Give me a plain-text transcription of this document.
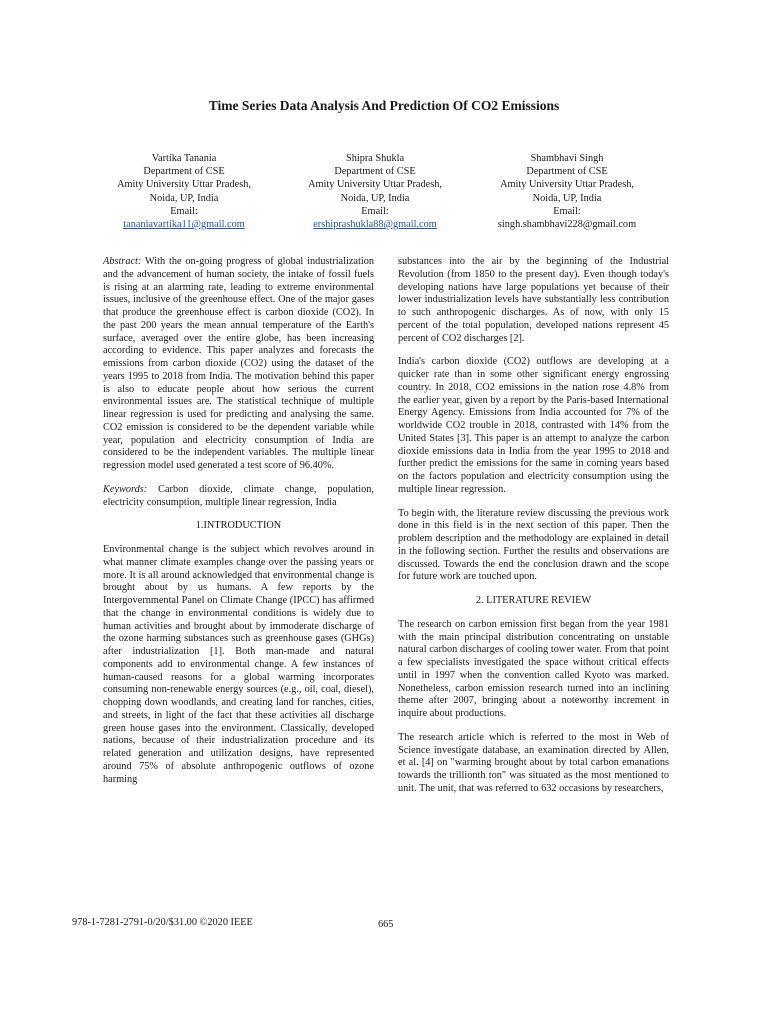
Time Series Data Analysis And Prediction Of CO2 Emissions
Vartika Tanania
Department of CSE
Amity University Uttar Pradesh,
Noida, UP, India
Email:
tananiavartika11@gmail.com
Shipra Shukla
Department of CSE
Amity University Uttar Pradesh,
Noida, UP, India
Email:
ershiprashukla88@gmail.com
Shambhavi Singh
Department of CSE
Amity University Uttar Pradesh,
Noida, UP, India
Email:
singh.shambhavi228@gmail.com

Abstract: With the on-going progress of global industrialization and the advancement of human society, the intake of fossil fuels is rising at an alarming rate, leading to extreme environmental issues, inclusive of the greenhouse effect. One of the major gases that produce the greenhouse effect is carbon dioxide (CO2). In the past 200 years the mean annual temperature of the Earth's surface, averaged over the entire globe, has been increasing according to evidence. This paper analyzes and forecasts the emissions from carbon dioxide (CO2) using the dataset of the years 1995 to 2018 from India. The motivation behind this paper is also to educate people about how serious the current environmental issues are. The statistical technique of multiple linear regression is used for predicting and analysing the same. CO2 emission is considered to be the dependent variable while year, population and electricity consumption of India are considered to be the independent variables. The multiple linear regression model used generated a test score of 96.40%.

Keywords: Carbon dioxide, climate change, population, electricity consumption, multiple linear regression, India

1.INTRODUCTION

Environmental change is the subject which revolves around in what manner climate examples change over the passing years or more. It is all around acknowledged that environmental change is brought about by us humans. A few reports by the Intergovernmental Panel on Climate Change (IPCC) has affirmed that the change in environmental conditions is widely due to human activities and brought about by immoderate discharge of the ozone harming substances such as greenhouse gases (GHGs) after industrialization [1]. Both man-made and natural components add to environmental change. A few instances of human-caused reasons for a global warming incorporates consuming non-renewable energy sources (e.g., oil, coal, diesel), chopping down woodlands, and creating land for ranches, cities, and streets, in light of the fact that these activities all discharge green house gases into the environment. Classically, developed nations, because of their industrialization procedure and its related generation and utilization designs, have represented around 75% of absolute anthropogenic outflows of ozone harming

substances into the air by the beginning of the Industrial Revolution (from 1850 to the present day). Even though today's developing nations have large populations yet because of their lower industrialization levels have substantially less contribution to such anthropogenic discharges. As of now, with only 15 percent of the total population, developed nations represent 45 percent of CO2 discharges [2].

India's carbon dioxide (CO2) outflows are developing at a quicker rate than in some other significant energy engrossing country. In 2018, CO2 emissions in the nation rose 4.8% from the earlier year, given by a report by the Paris-based International Energy Agency. Emissions from India accounted for 7% of the worldwide CO2 trouble in 2018, contrasted with 14% from the United States [3]. This paper is an attempt to analyze the carbon dioxide emissions data in India from the year 1995 to 2018 and further predict the emissions for the same in coming years based on the factors population and electricity consumption using the multiple linear regression.

To begin with, the literature review discussing the previous work done in this field is in the next section of this paper. Then the problem description and the methodology are explained in detail in the following section. Further the results and observations are discussed. Towards the end the conclusion drawn and the scope for future work are touched upon.

2. LITERATURE REVIEW

The research on carbon emission first began from the year 1981 with the main principal distribution concentrating on unstable natural carbon discharges of cooling tower water. From that point a few specialists investigated the space without critical effects until in 1997 when the convention called Kyoto was marked. Nonetheless, carbon emission research turned into an inclining theme after 2007, bringing about a noteworthy increment in inquire about productions.

The research article which is referred to the most in Web of Science investigate database, an examination directed by Allen, et al. [4] on "warming brought about by total carbon emanations towards the trillionth ton" was situated as the most mentioned to unit. The unit, that was referred to 632 occasions by researchers,

978-1-7281-2791-0/20/$31.00 ©2020 IEEE	665
